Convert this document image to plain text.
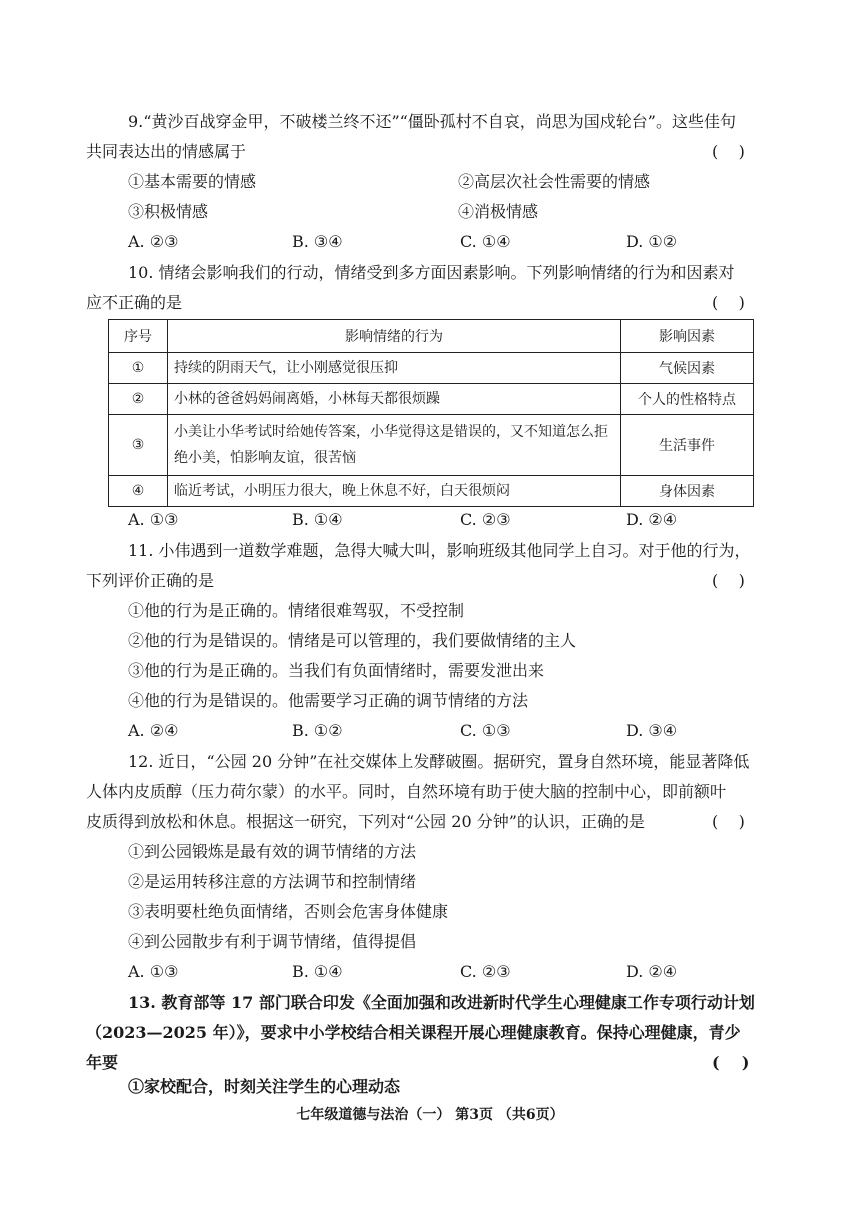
9.“黄沙百战穿金甲，不破楼兰终不还”“僵卧孤村不自哀，尚思为国戍轮台”。这些佳句
共同表达出的情感属于	(    )
①基本需要的情感	②高层次社会性需要的情感
③积极情感	④消极情感
A. ②③	B. ③④	C. ①④	D. ①②
10. 情绪会影响我们的行动，情绪受到多方面因素影响。下列影响情绪的行为和因素对
应不正确的是	(    )
序号	影响情绪的行为	影响因素
①	持续的阴雨天气，让小刚感觉很压抑	气候因素
②	小林的爸爸妈妈闹离婚，小林每天都很烦躁	个人的性格特点
③	小美让小华考试时给她传答案，小华觉得这是错误的，又不知道怎么拒绝小美，怕影响友谊，很苦恼	生活事件
④	临近考试，小明压力很大，晚上休息不好，白天很烦闷	身体因素
A. ①③	B. ①④	C. ②③	D. ②④
11. 小伟遇到一道数学难题，急得大喊大叫，影响班级其他同学上自习。对于他的行为，
下列评价正确的是	(    )
①他的行为是正确的。情绪很难驾驭，不受控制
②他的行为是错误的。情绪是可以管理的，我们要做情绪的主人
③他的行为是正确的。当我们有负面情绪时，需要发泄出来
④他的行为是错误的。他需要学习正确的调节情绪的方法
A. ②④	B. ①②	C. ①③	D. ③④
12. 近日，“公园 20 分钟”在社交媒体上发酵破圈。据研究，置身自然环境，能显著降低
人体内皮质醇（压力荷尔蒙）的水平。同时，自然环境有助于使大脑的控制中心，即前额叶
皮质得到放松和休息。根据这一研究，下列对“公园 20 分钟”的认识，正确的是	(    )
①到公园锻炼是最有效的调节情绪的方法
②是运用转移注意的方法调节和控制情绪
③表明要杜绝负面情绪，否则会危害身体健康
④到公园散步有利于调节情绪，值得提倡
A. ①③	B. ①④	C. ②③	D. ②④
13. 教育部等 17 部门联合印发《全面加强和改进新时代学生心理健康工作专项行动计划
（2023—2025 年）》，要求中小学校结合相关课程开展心理健康教育。保持心理健康，青少
年要	(    )
①家校配合，时刻关注学生的心理动态
七年级道德与法治（一） 第3页 （共6页）
